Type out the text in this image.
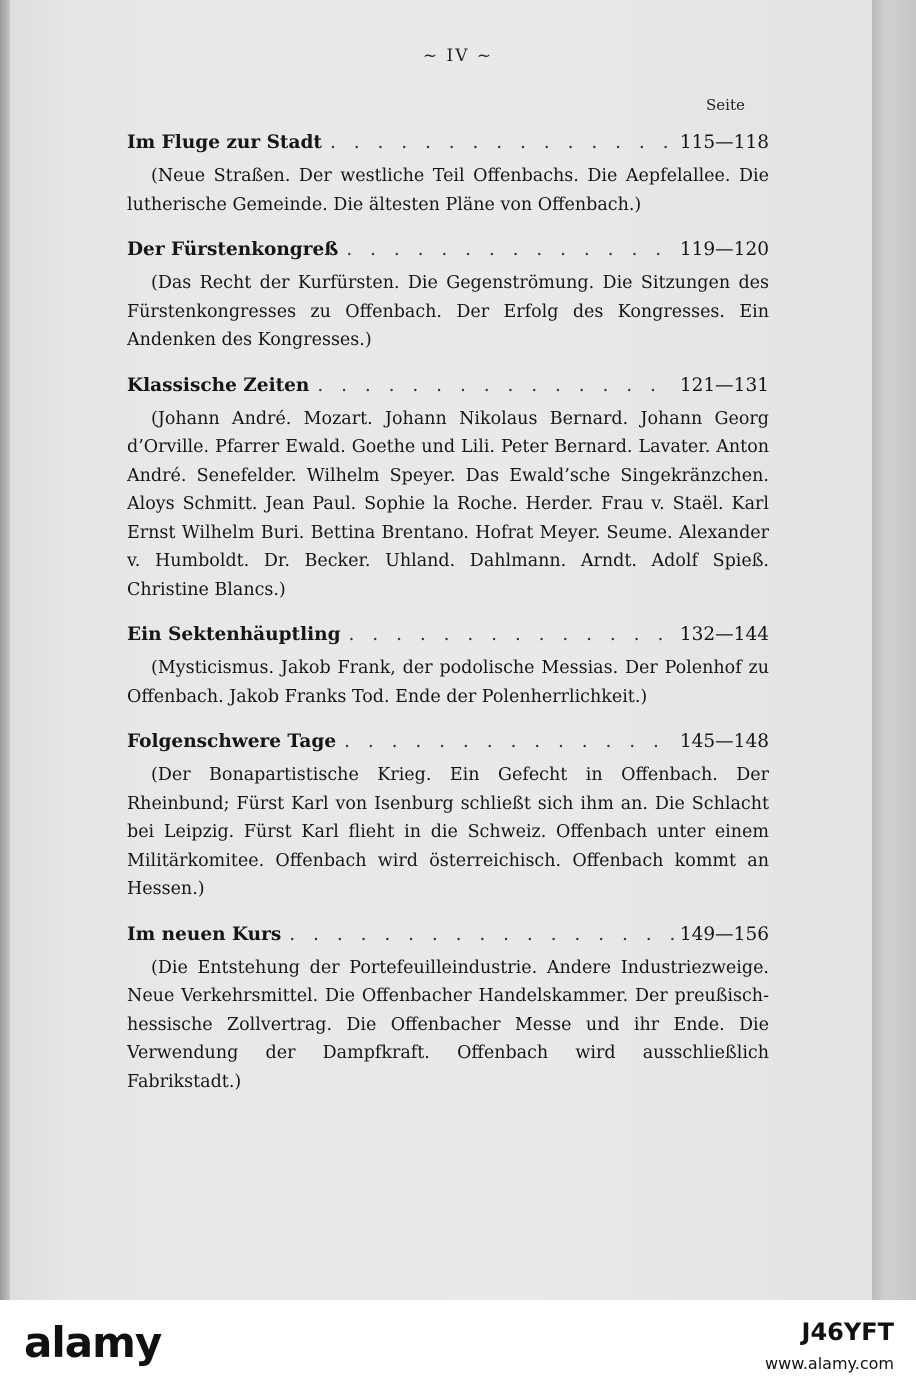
~ IV ~
Seite
Im Fluge zur Stadt . . .	115—118
(Neue Straßen. Der westliche Teil Offenbachs. Die Aepfelallee. Die lutherische Gemeinde. Die ältesten Pläne von Offenbach.)
Der Fürstenkongreß . . .	119—120
(Das Recht der Kurfürsten. Die Gegenströmung. Die Sitzungen des Fürstenkongresses zu Offenbach. Der Erfolg des Kongresses. Ein Andenken des Kongresses.)
Klassische Zeiten . . .	121—131
(Johann André. Mozart. Johann Nikolaus Bernard. Johann Georg d’Orville. Pfarrer Ewald. Goethe und Lili. Peter Bernard. Lavater. Anton André. Senefelder. Wilhelm Speyer. Das Ewald’sche Singekränzchen. Aloys Schmitt. Jean Paul. Sophie la Roche. Herder. Frau v. Staël. Karl Ernst Wilhelm Buri. Bettina Brentano. Hofrat Meyer. Seume. Alexander v. Humboldt. Dr. Becker. Uhland. Dahlmann. Arndt. Adolf Spieß. Christine Blancs.)
Ein Sektenhäuptling . . .	132—144
(Mysticismus. Jakob Frank, der podolische Messias. Der Polenhof zu Offenbach. Jakob Franks Tod. Ende der Polenherrlichkeit.)
Folgenschwere Tage . . .	145—148
(Der Bonapartistische Krieg. Ein Gefecht in Offenbach. Der Rheinbund; Fürst Karl von Isenburg schließt sich ihm an. Die Schlacht bei Leipzig. Fürst Karl flieht in die Schweiz. Offenbach unter einem Militärkomitee. Offenbach wird österreichisch. Offenbach kommt an Hessen.)
Im neuen Kurs . . .	149—156
(Die Entstehung der Portefeuilleindustrie. Andere Industriezweige. Neue Verkehrsmittel. Die Offenbacher Handelskammer. Der preußisch-hessische Zollvertrag. Die Offenbacher Messe und ihr Ende. Die Verwendung der Dampfkraft. Offenbach wird ausschließlich Fabrikstadt.)
alamy	J46YFT
www.alamy.com
